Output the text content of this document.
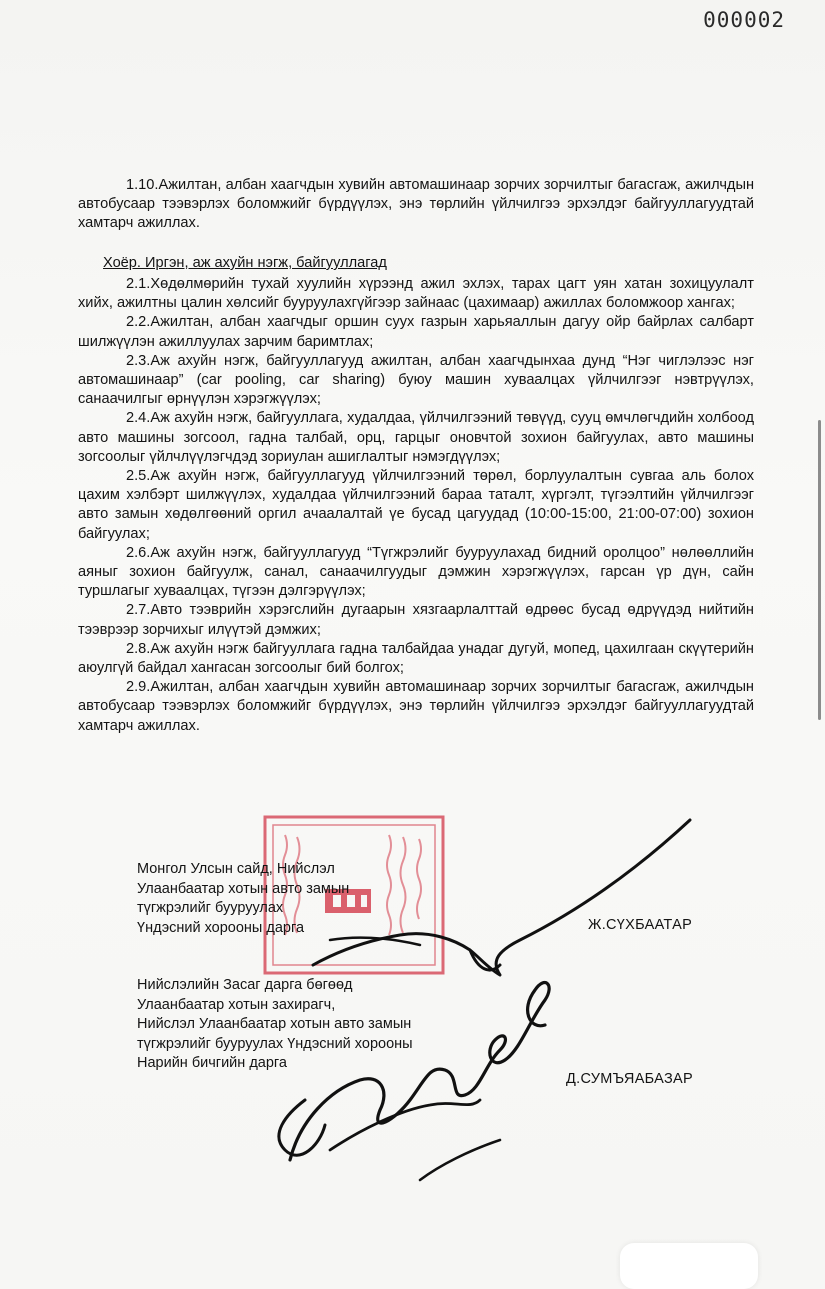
000002

1.10.Ажилтан, албан хаагчдын хувийн автомашинаар зорчих зорчилтыг багасгаж, ажилчдын автобусаар тээвэрлэх боломжийг бүрдүүлэх, энэ төрлийн үйлчилгээ эрхэлдэг байгууллагуудтай хамтарч ажиллах.

Хоёр. Иргэн, аж ахуйн нэгж, байгууллагад

2.1.Хөдөлмөрийн тухай хуулийн хүрээнд ажил эхлэх, тарах цагт уян хатан зохицуулалт хийх, ажилтны цалин хөлсийг бууруулахгүйгээр зайнаас (цахимаар) ажиллах боломжоор хангах;

2.2.Ажилтан, албан хаагчдыг оршин суух газрын харьяаллын дагуу ойр байрлах салбарт шилжүүлэн ажиллуулах зарчим баримтлах;

2.3.Аж ахуйн нэгж, байгууллагууд ажилтан, албан хаагчдынхаа дунд “Нэг чиглэлээс нэг автомашинаар” (car pooling, car sharing) буюу машин хуваалцах үйлчилгээг нэвтрүүлэх, санаачилгыг өрнүүлэн хэрэгжүүлэх;

2.4.Аж ахуйн нэгж, байгууллага, худалдаа, үйлчилгээний төвүүд, сууц өмчлөгчдийн холбоод авто машины зогсоол, гадна талбай, орц, гарцыг оновчтой зохион байгуулах, авто машины зогсоолыг үйлчлүүлэгчдэд зориулан ашиглалтыг нэмэгдүүлэх;

2.5.Аж ахуйн нэгж, байгууллагууд үйлчилгээний төрөл, борлуулалтын сувгаа аль болох цахим хэлбэрт шилжүүлэх, худалдаа үйлчилгээний бараа таталт, хүргэлт, түгээлтийн үйлчилгээг авто замын хөдөлгөөний оргил ачаалалтай үе бусад цагуудад (10:00-15:00, 21:00-07:00) зохион байгуулах;

2.6.Аж ахуйн нэгж, байгууллагууд “Түгжрэлийг бууруулахад бидний оролцоо” нөлөөллийн аяныг зохион байгуулж, санал, санаачилгуудыг дэмжин хэрэгжүүлэх, гарсан үр дүн, сайн туршлагыг хуваалцах, түгээн дэлгэрүүлэх;

2.7.Авто тээврийн хэрэгслийн дугаарын хязгаарлалттай өдрөөс бусад өдрүүдэд нийтийн тээврээр зорчихыг илүүтэй дэмжих;

2.8.Аж ахуйн нэгж байгууллага гадна талбайдаа унадаг дугуй, мопед, цахилгаан скүүтерийн аюулгүй байдал хангасан зогсоолыг бий болгох;

2.9.Ажилтан, албан хаагчдын хувийн автомашинаар зорчих зорчилтыг багасгаж, ажилчдын автобусаар тээвэрлэх боломжийг бүрдүүлэх, энэ төрлийн үйлчилгээ эрхэлдэг байгууллагуудтай хамтарч ажиллах.

Монгол Улсын сайд, Нийслэл
Улаанбаатар хотын авто замын
түгжрэлийг бууруулах
Үндэсний хорооны дарга	Ж.СҮХБААТАР
Нийслэлийн Засаг дарга бөгөөд
Улаанбаатар хотын захирагч,
Нийслэл Улаанбаатар хотын авто замын
түгжрэлийг бууруулах Үндэсний хорооны
Нарийн бичгийн дарга
Д.СУМЪЯАБАЗАР
